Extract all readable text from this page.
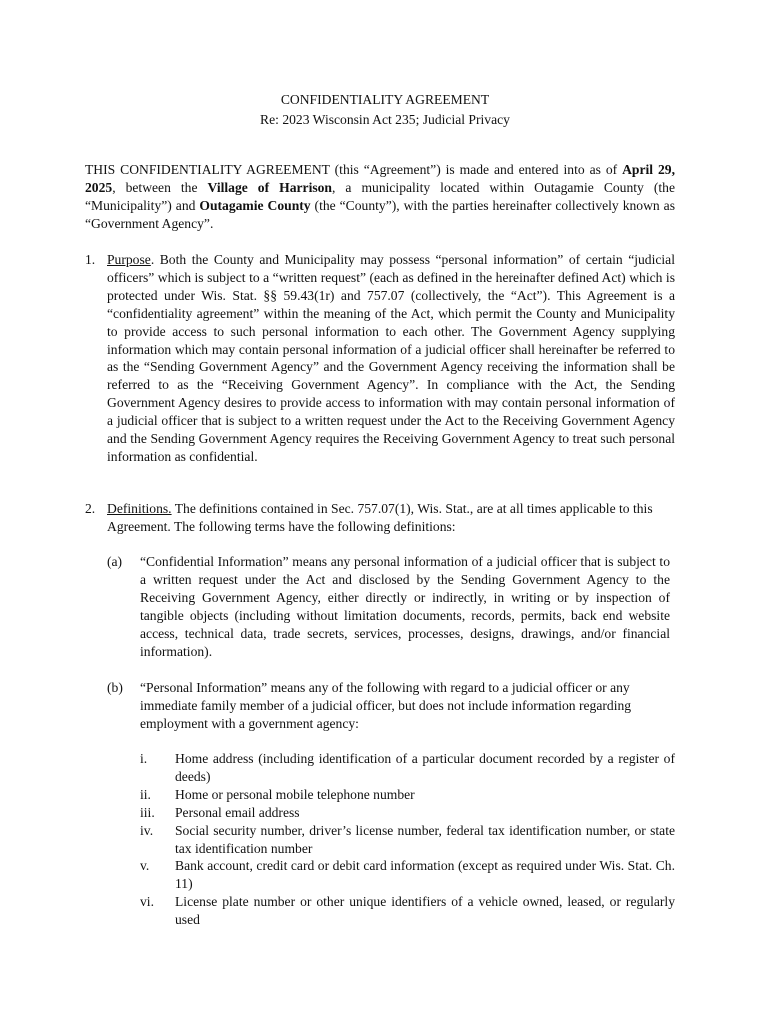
CONFIDENTIALITY AGREEMENT
Re: 2023 Wisconsin Act 235; Judicial Privacy

THIS CONFIDENTIALITY AGREEMENT (this “Agreement”) is made and entered into as of April 29, 2025, between the Village of Harrison, a municipality located within Outagamie County (the “Municipality”) and Outagamie County (the “County”), with the parties hereinafter collectively known as “Government Agency”.

1. Purpose. Both the County and Municipality may possess “personal information” of certain “judicial officers” which is subject to a “written request” (each as defined in the hereinafter defined Act) which is protected under Wis. Stat. §§ 59.43(1r) and 757.07 (collectively, the “Act”). This Agreement is a “confidentiality agreement” within the meaning of the Act, which permit the County and Municipality to provide access to such personal information to each other. The Government Agency supplying information which may contain personal information of a judicial officer shall hereinafter be referred to as the “Sending Government Agency” and the Government Agency receiving the information shall be referred to as the “Receiving Government Agency”. In compliance with the Act, the Sending Government Agency desires to provide access to information with may contain personal information of a judicial officer that is subject to a written request under the Act to the Receiving Government Agency and the Sending Government Agency requires the Receiving Government Agency to treat such personal information as confidential.

2. Definitions. The definitions contained in Sec. 757.07(1), Wis. Stat., are at all times applicable to this Agreement. The following terms have the following definitions:

(a) “Confidential Information” means any personal information of a judicial officer that is subject to a written request under the Act and disclosed by the Sending Government Agency to the Receiving Government Agency, either directly or indirectly, in writing or by inspection of tangible objects (including without limitation documents, records, permits, back end website access, technical data, trade secrets, services, processes, designs, drawings, and/or financial information).

(b) “Personal Information” means any of the following with regard to a judicial officer or any immediate family member of a judicial officer, but does not include information regarding employment with a government agency:

i.	Home address (including identification of a particular document recorded by a register of deeds)
ii.	Home or personal mobile telephone number
iii.	Personal email address
iv.	Social security number, driver’s license number, federal tax identification number, or state tax identification number
v.	Bank account, credit card or debit card information (except as required under Wis. Stat. Ch. 11)
vi.	License plate number or other unique identifiers of a vehicle owned, leased, or regularly used
